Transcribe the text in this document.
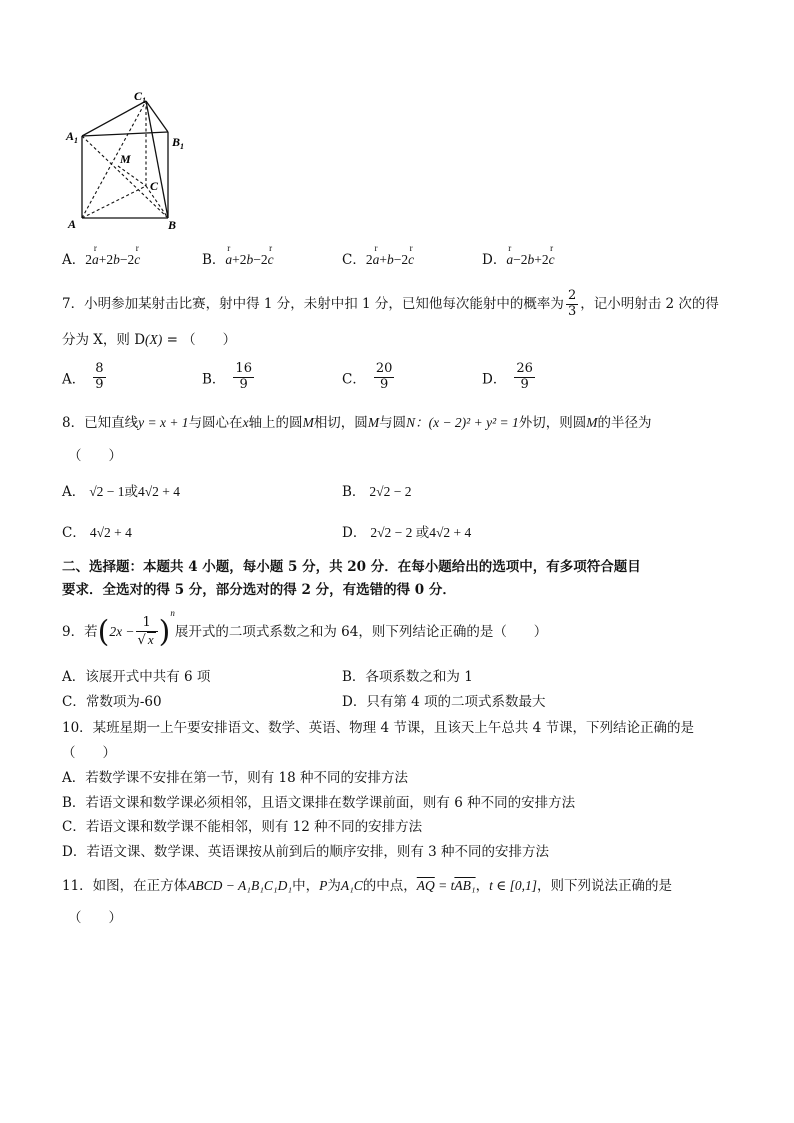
$C_1$
$A_1$	$B_1$
M
C
A	B
A．2
r
a+2
b−2
r
c	B．
r
a+2
b−2
r
c	C．2
r
a+
b−2
r
c	D．
r
a−2
b+2
r
c
7．小明参加某射击比赛，射中得 1 分，未射中扣 1 分，已知他每次能射中的概率为 $\frac{2}{3}$ ，记小明射击 2 次的得
分为 X，则 D(X) = （　　）
A． $\frac{8}{9}$	B． $\frac{16}{9}$	C． $\frac{20}{9}$	D． $\frac{26}{9}$
8．已知直线y = x + 1与圆心在x轴上的圆M相切，圆M与圆N：(x − 2)² + y² = 1外切，则圆M的半径为
（　　）
A． √2 − 1或4√2 + 4	B． 2√2 − 2
C． 4√2 + 4	D． 2√2 − 2 或4√2 + 4
二、选择题：本题共 4 小题，每小题 5 分，共 20 分．在每小题给出的选项中，有多项符合题目
要求．全选对的得 5 分，部分选对的得 2 分，有选错的得 0 分．
9．若$(2x - \frac{1}{√ x} )^n$展开式的二项式系数之和为 64，则下列结论正确的是（　　）
A．该展开式中共有 6 项	B．各项系数之和为 1
C．常数项为-60	D．只有第 4 项的二项式系数最大
10．某班星期一上午要安排语文、数学、英语、物理 4 节课，且该天上午总共 4 节课，下列结论正确的是
（　　）
A．若数学课不安排在第一节，则有 18 种不同的安排方法
B．若语文课和数学课必须相邻，且语文课排在数学课前面，则有 6 种不同的安排方法
C．若语文课和数学课不能相邻，则有 12 种不同的安排方法
D．若语文课、数学课、英语课按从前到后的顺序安排，则有 3 种不同的安排方法
11．如图，在正方体ABCD − A₁B₁C₁D₁中，P为A₁C的中点，$\overline{AQ} = tAB_1$，t ∈ [0,1]，则下列说法正确的是
（　　）
